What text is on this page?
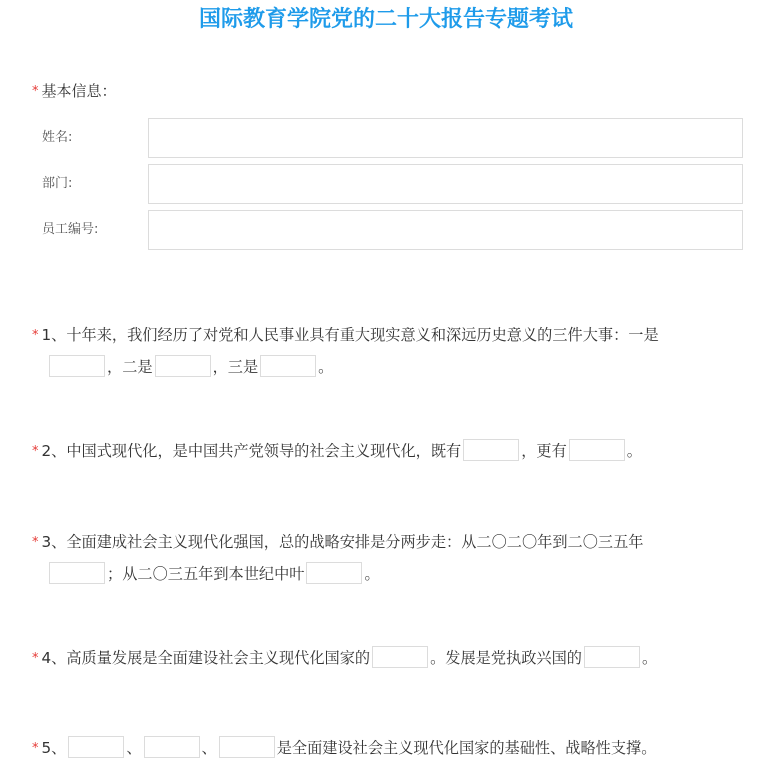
国际教育学院党的二十大报告专题考试
* 基本信息：
姓名:
部门:
员工编号:
* 1、十年来，我们经历了对党和人民事业具有重大现实意义和深远历史意义的三件大事：一是
，二是	，三是	。
* 2、中国式现代化，是中国共产党领导的社会主义现代化，既有	，更有	。
* 3、全面建成社会主义现代化强国，总的战略安排是分两步走：从二〇二〇年到二〇三五年
；从二〇三五年到本世纪中叶	。
* 4、高质量发展是全面建设社会主义现代化国家的	。发展是党执政兴国的	。
* 5、	、	、	是全面建设社会主义现代化国家的基础性、战略性支撑。
